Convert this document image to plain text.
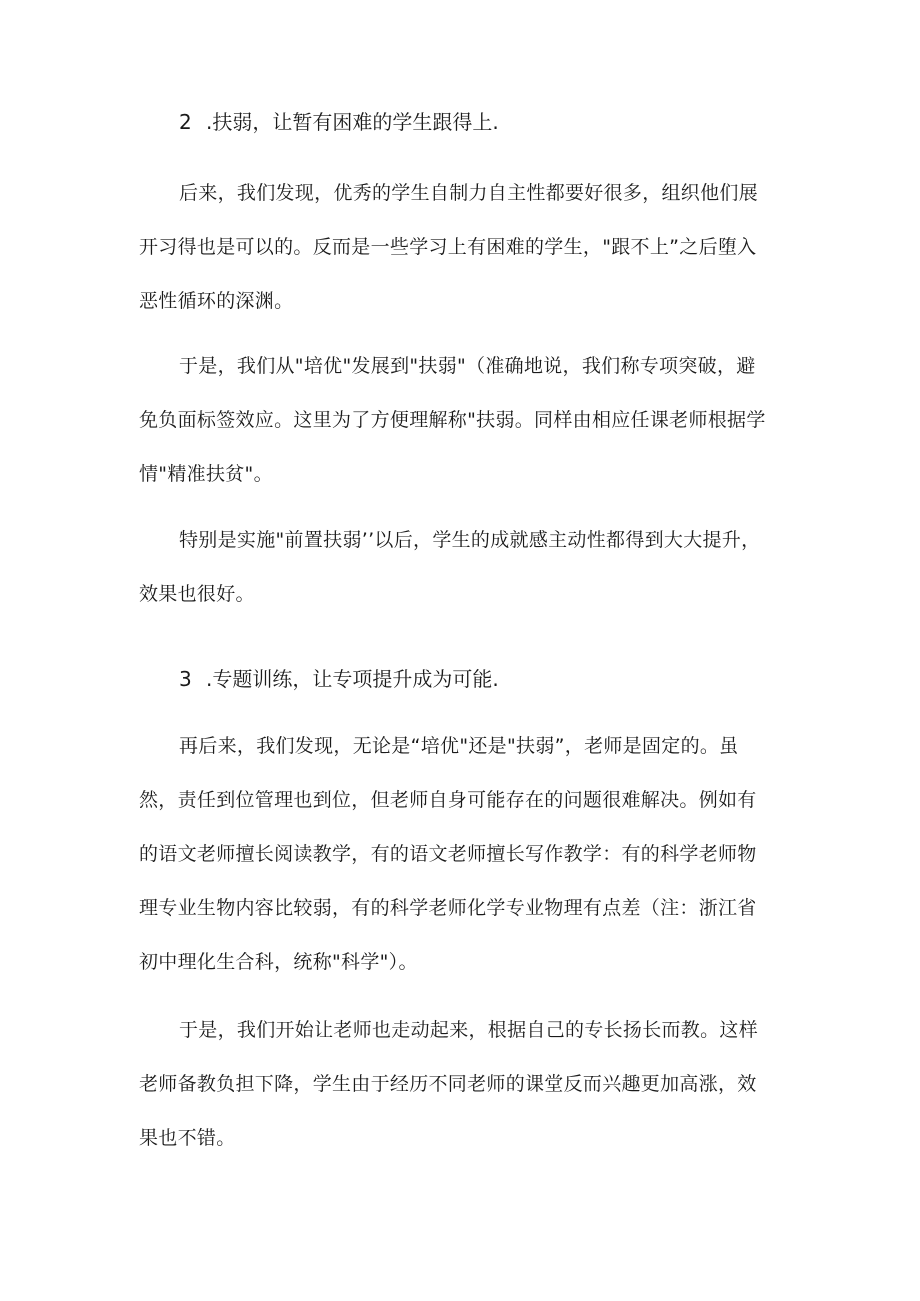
2 .扶弱，让暂有困难的学生跟得上.
后来，我们发现，优秀的学生自制力自主性都要好很多，组织他们展
开习得也是可以的。反而是一些学习上有困难的学生，"跟不上”之后堕入
恶性循环的深渊。
于是，我们从"培优"发展到"扶弱"（准确地说，我们称专项突破，避
免负面标签效应。这里为了方便理解称"扶弱。同样由相应任课老师根据学
情"精准扶贫"。
特别是实施"前置扶弱’’以后，学生的成就感主动性都得到大大提升，
效果也很好。
3 .专题训练，让专项提升成为可能.
再后来，我们发现，无论是“培优"还是"扶弱”，老师是固定的。虽
然，责任到位管理也到位，但老师自身可能存在的问题很难解决。例如有
的语文老师擅长阅读教学，有的语文老师擅长写作教学：有的科学老师物
理专业生物内容比较弱，有的科学老师化学专业物理有点差（注：浙江省
初中理化生合科，统称"科学"）。
于是，我们开始让老师也走动起来，根据自己的专长扬长而教。这样
老师备教负担下降，学生由于经历不同老师的课堂反而兴趣更加高涨，效
果也不错。
